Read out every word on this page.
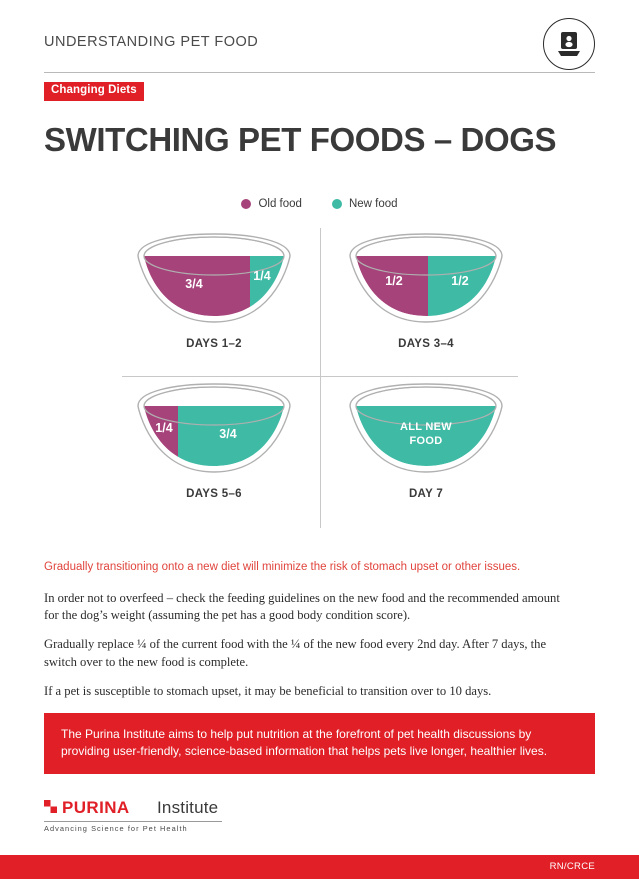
UNDERSTANDING PET FOOD
Changing Diets
SWITCHING PET FOODS – DOGS
Old food	New food
3/4
1/4
DAYS 1–2
1/2	1/2
DAYS 3–4
1/4	3/4
DAYS 5–6
ALL NEW
FOOD
DAY 7
Gradually transitioning onto a new diet will minimize the risk of stomach upset or other issues.
In order not to overfeed – check the feeding guidelines on the new food and the recommended amount for the dog’s weight (assuming the pet has a good body condition score).
Gradually replace ¼ of the current food with the ¼ of the new food every 2nd day. After 7 days, the switch over to the new food is complete.
If a pet is susceptible to stomach upset, it may be beneficial to transition over to 10 days.
The Purina Institute aims to help put nutrition at the forefront of pet health discussions by providing user-friendly, science-based information that helps pets live longer, healthier lives.
PURINA Institute
Advancing Science for Pet Health
RN/CRCE
